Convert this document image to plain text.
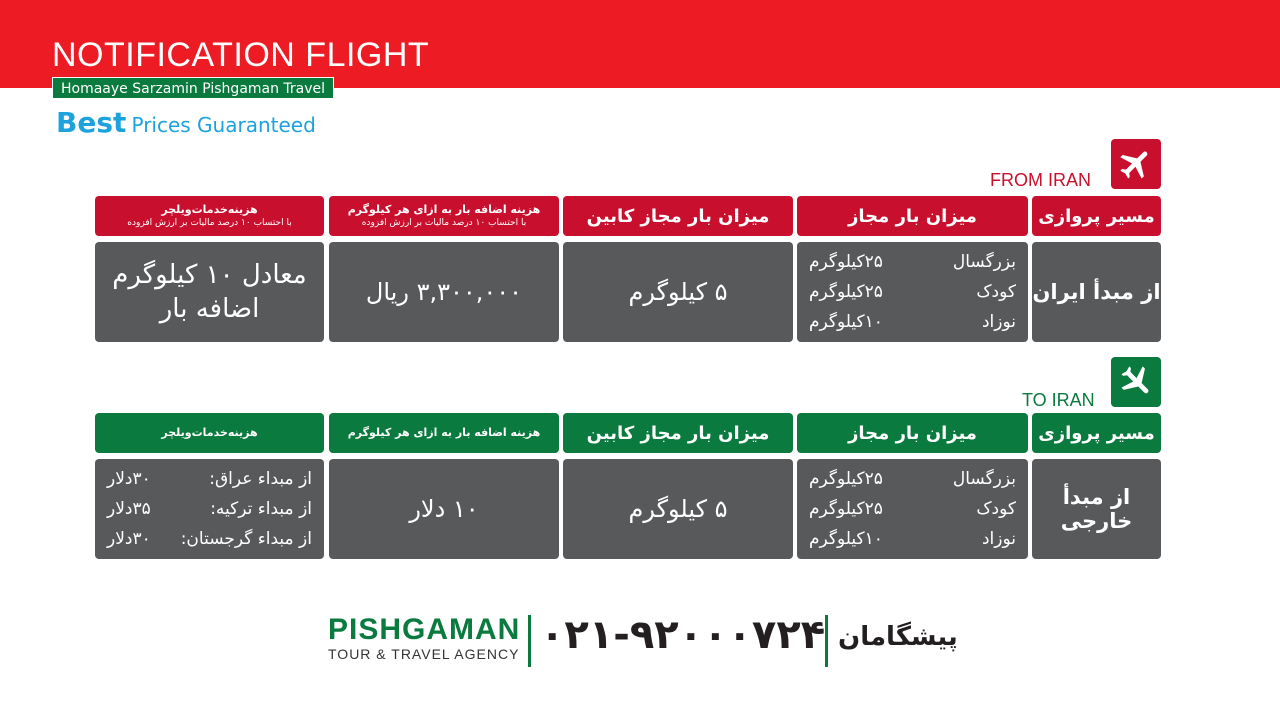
NOTIFICATION FLIGHT
Homaaye Sarzamin Pishgaman Travel
Best Prices Guaranteed
FROM IRAN
مسیر پروازی
میزان بار مجاز
میزان بار مجاز کابین
هزینه اضافه بار به ازای هر کیلوگرم
با احتساب ۱۰ درصد مالیات بر ارزش افزوده
هزینه‌خدمات‌ویلچر
با احتساب ۱۰ درصد مالیات بر ارزش افزوده
از مبدأ ایران
بزرگسال
۲۵کیلوگرم
کودک
۲۵کیلوگرم
نوزاد
۱۰کیلوگرم
۵ کیلوگرم
۳,۳۰۰,۰۰۰ ریال
معادل ۱۰ کیلوگرم
اضافه بار
TO IRAN
مسیر پروازی
میزان بار مجاز
میزان بار مجاز کابین
هزینه اضافه بار به ازای هر کیلوگرم
هزینه‌خدمات‌ویلچر
از مبدأ خارجی
بزرگسال
۲۵کیلوگرم
کودک
۲۵کیلوگرم
نوزاد
۱۰کیلوگرم
۵ کیلوگرم
۱۰ دلار
از مبداء عراق:
۳۰دلار
از مبداء ترکیه:
۳۵دلار
از مبداء گرجستان:
۳۰دلار
PISHGAMAN
TOUR & TRAVEL AGENCY ۰۲۱-۹۲۰۰۰۷۲۴ پیشگامان
